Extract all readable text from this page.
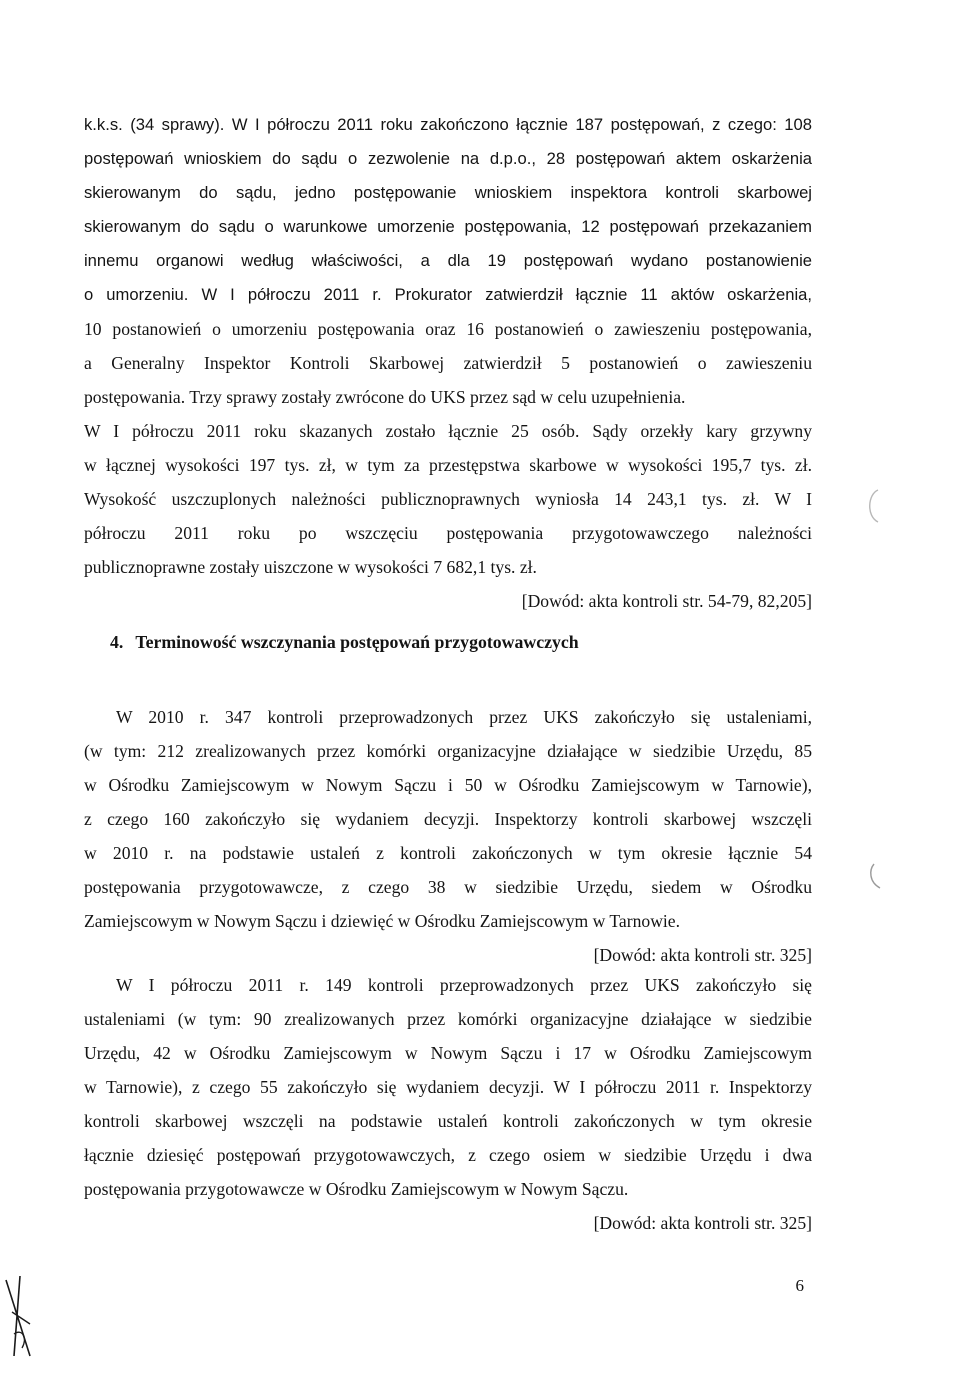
k.k.s. (34 sprawy). W I półroczu 2011 roku zakończono łącznie 187 postępowań, z czego: 108
postępowań wnioskiem do sądu o zezwolenie na d.p.o., 28 postępowań aktem oskarżenia
skierowanym do sądu, jedno postępowanie wnioskiem inspektora kontroli skarbowej
skierowanym do sądu o warunkowe umorzenie postępowania, 12 postępowań przekazaniem
innemu organowi według właściwości, a dla 19 postępowań wydano postanowienie
o umorzeniu. W I półroczu 2011 r. Prokurator zatwierdził łącznie 11 aktów oskarżenia,
10 postanowień o umorzeniu postępowania oraz 16 postanowień o zawieszeniu postępowania,
a Generalny Inspektor Kontroli Skarbowej zatwierdził 5 postanowień o zawieszeniu
postępowania. Trzy sprawy zostały zwrócone do UKS przez sąd w celu uzupełnienia.
W I półroczu 2011 roku skazanych zostało łącznie 25 osób. Sądy orzekły kary grzywny
w łącznej wysokości 197 tys. zł, w tym za przestępstwa skarbowe w wysokości 195,7 tys. zł.
Wysokość uszczuplonych należności publicznoprawnych wyniosła 14 243,1 tys. zł. W I
półroczu 2011 roku po wszczęciu postępowania przygotowawczego należności
publicznoprawne zostały uiszczone w wysokości 7 682,1 tys. zł.
[Dowód: akta kontroli str. 54-79, 82,205]
4. Terminowość wszczynania postępowań przygotowawczych
W 2010 r. 347 kontroli przeprowadzonych przez UKS zakończyło się ustaleniami,
(w tym: 212 zrealizowanych przez komórki organizacyjne działające w siedzibie Urzędu, 85
w Ośrodku Zamiejscowym w Nowym Sączu i 50 w Ośrodku Zamiejscowym w Tarnowie),
z czego 160 zakończyło się wydaniem decyzji. Inspektorzy kontroli skarbowej wszczęli
w 2010 r. na podstawie ustaleń z kontroli zakończonych w tym okresie łącznie 54
postępowania przygotowawcze, z czego 38 w siedzibie Urzędu, siedem w Ośrodku
Zamiejscowym w Nowym Sączu i dziewięć w Ośrodku Zamiejscowym w Tarnowie.
[Dowód: akta kontroli str. 325]
W I półroczu 2011 r. 149 kontroli przeprowadzonych przez UKS zakończyło się
ustaleniami (w tym: 90 zrealizowanych przez komórki organizacyjne działające w siedzibie
Urzędu, 42 w Ośrodku Zamiejscowym w Nowym Sączu i 17 w Ośrodku Zamiejscowym
w Tarnowie), z czego 55 zakończyło się wydaniem decyzji. W I półroczu 2011 r. Inspektorzy
kontroli skarbowej wszczęli na podstawie ustaleń kontroli zakończonych w tym okresie
łącznie dziesięć postępowań przygotowawczych, z czego osiem w siedzibie Urzędu i dwa
postępowania przygotowawcze w Ośrodku Zamiejscowym w Nowym Sączu.
[Dowód: akta kontroli str. 325]
6
